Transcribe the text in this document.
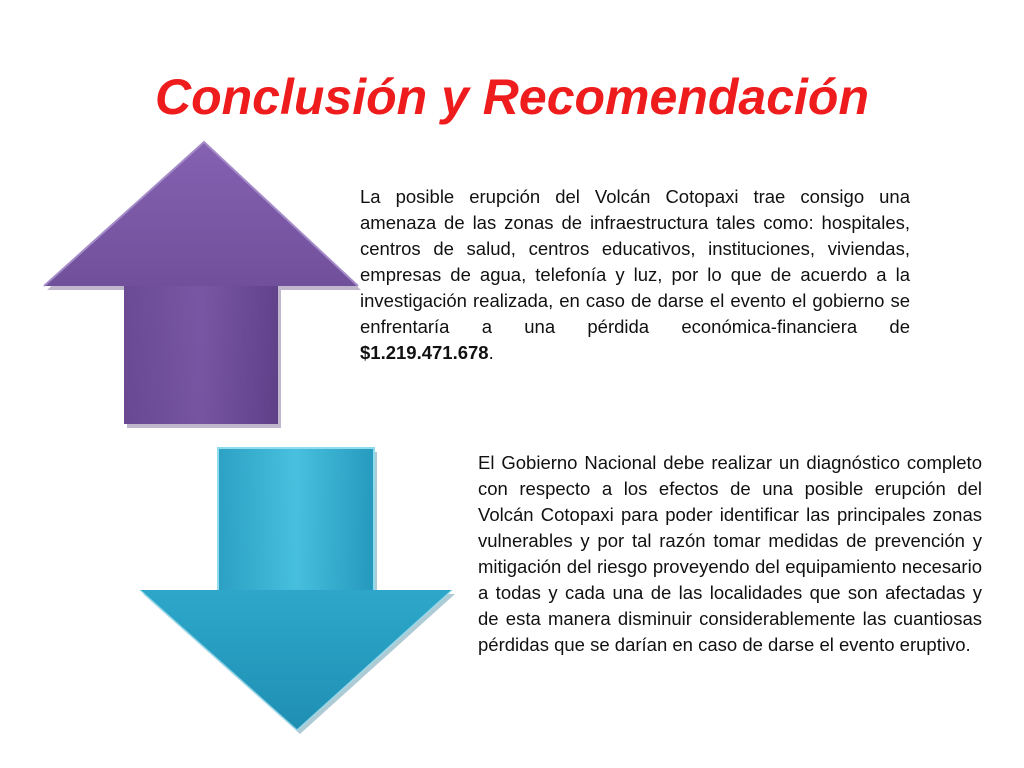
Conclusión y Recomendación

La posible erupción del Volcán Cotopaxi trae consigo una amenaza de las zonas de infraestructura tales como: hospitales, centros de salud, centros educativos, instituciones, viviendas, empresas de agua, telefonía y luz, por lo que de acuerdo a la investigación realizada, en caso de darse el evento el gobierno se enfrentaría a una pérdida económica-financiera de $1.219.471.678.

El Gobierno Nacional debe realizar un diagnóstico completo con respecto a los efectos de una posible erupción del Volcán Cotopaxi para poder identificar las principales zonas vulnerables y por tal razón tomar medidas de prevención y mitigación del riesgo proveyendo del equipamiento necesario a todas y cada una de las localidades que son afectadas y de esta manera disminuir considerablemente las cuantiosas pérdidas que se darían en caso de darse el evento eruptivo.
